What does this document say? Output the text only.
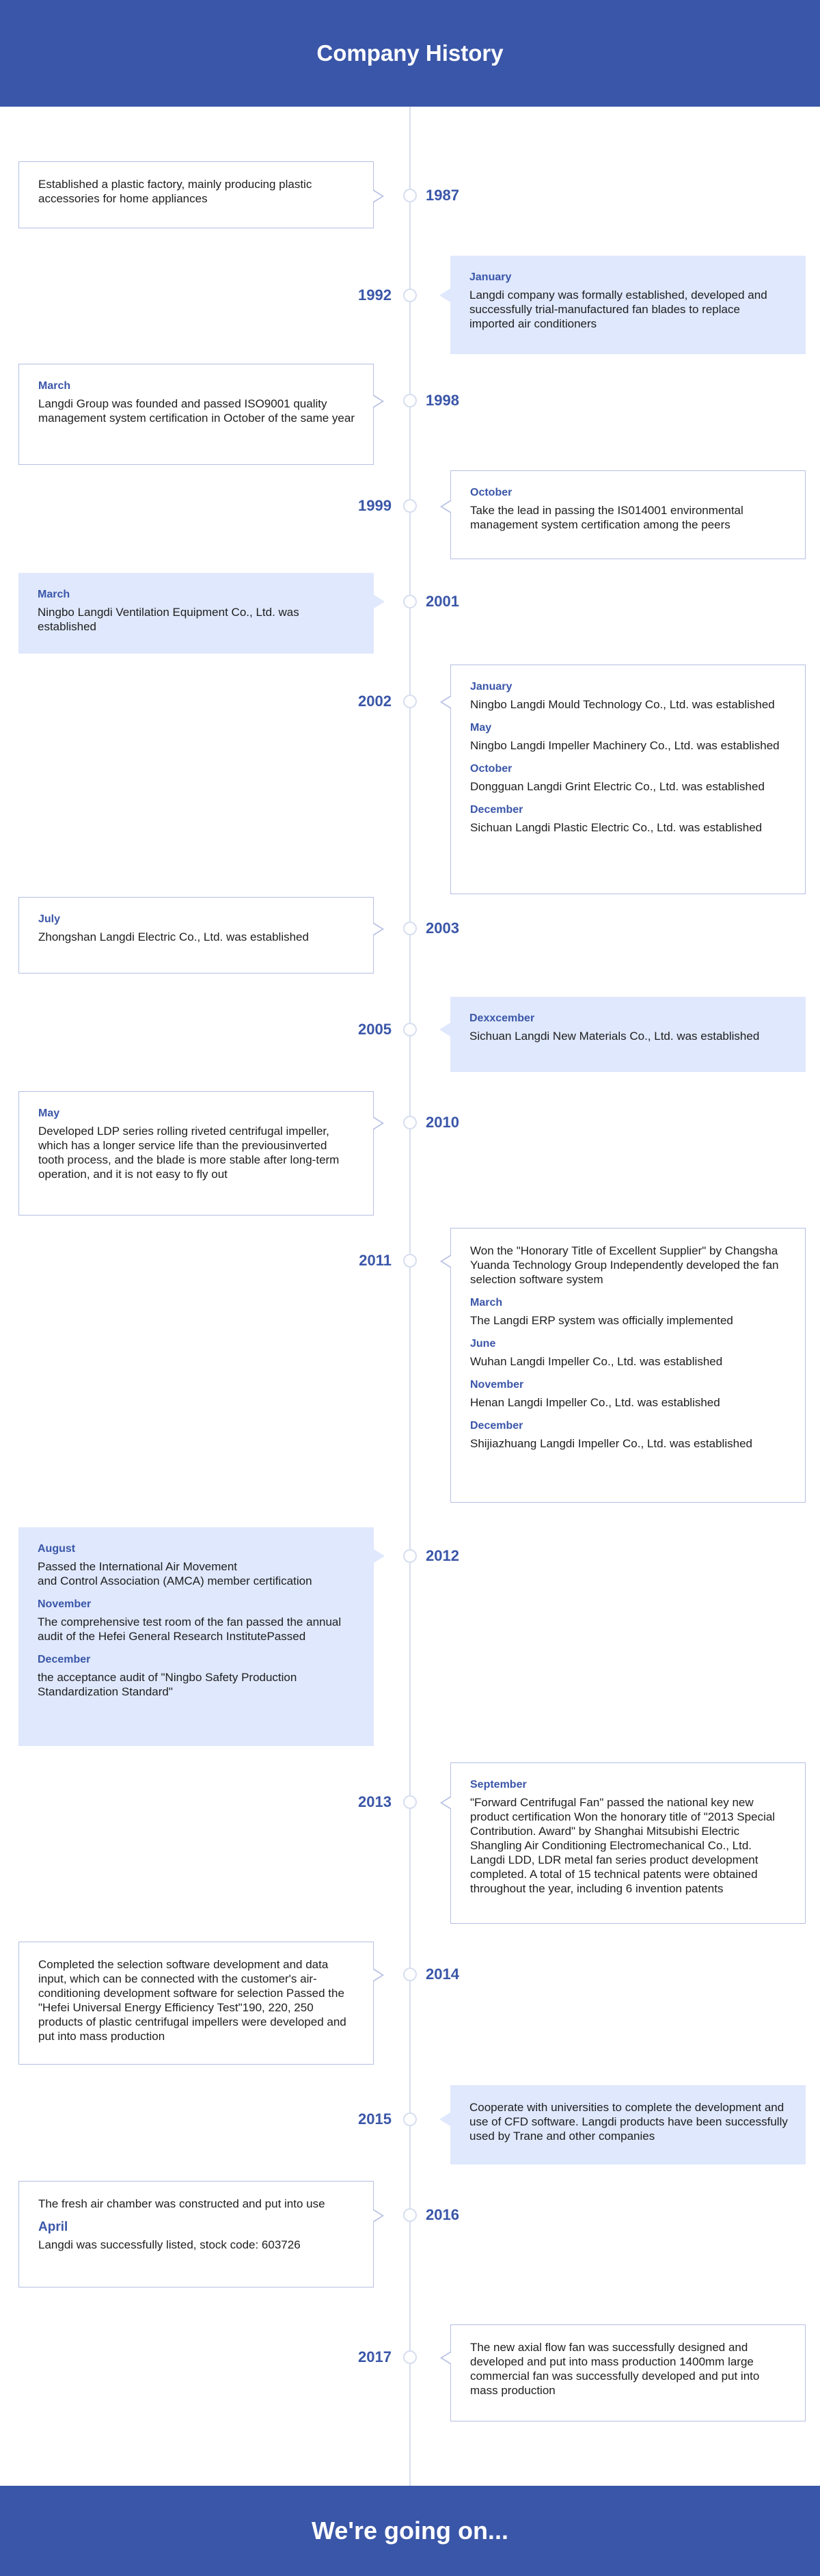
Company History
Established a plastic factory, mainly producing plastic accessories for home appliances	1987
January
Langdi company was formally established, developed and successfully trial-manufactured fan blades to replace imported air conditioners
1992
March
Langdi Group was founded and passed ISO9001 quality management system certification in October of the same year
1998
October
Take the lead in passing the IS014001 environmental management system certification among the peers
1999
March
Ningbo Langdi Ventilation Equipment Co., Ltd. was established
2001
January
Ningbo Langdi Mould Technology Co., Ltd. was established
May
Ningbo Langdi Impeller Machinery Co., Ltd. was established
October
Dongguan Langdi Grint Electric Co., Ltd. was established
December
Sichuan Langdi Plastic Electric Co., Ltd. was established
2002
July
Zhongshan Langdi Electric Co., Ltd. was established
2003
Dexxcember
Sichuan Langdi New Materials Co., Ltd. was established
2005
May
Developed LDP series rolling riveted centrifugal impeller, which has a longer service life than the previousinverted tooth process, and the blade is more stable after long-term operation, and it is not easy to fly out
2010
Won the "Honorary Title of Excellent Supplier" by Changsha Yuanda Technology Group Independently developed the fan selection software system
March
The Langdi ERP system was officially implemented
June
Wuhan Langdi Impeller Co., Ltd. was established
November
Henan Langdi Impeller Co., Ltd. was established
December
Shijiazhuang Langdi Impeller Co., Ltd. was established
2011
August
Passed the International Air Movement
and Control Association (AMCA) member certification
November
The comprehensive test room of the fan passed the annual audit of the Hefei General Research InstitutePassed
December
the acceptance audit of "Ningbo Safety Production Standardization Standard"
2012
September
"Forward Centrifugal Fan" passed the national key new product certification Won the honorary title of "2013 Special Contribution. Award" by Shanghai Mitsubishi Electric Shangling Air Conditioning Electromechanical Co., Ltd. Langdi LDD, LDR metal fan series product development completed. A total of 15 technical patents were obtained throughout the year, including 6 invention patents
2013
Completed the selection software development and data input, which can be connected with the customer's air-conditioning development software for selection Passed the "Hefei Universal Energy Efficiency Test"190, 220, 250 products of plastic centrifugal impellers were developed and put into mass production
2014
Cooperate with universities to complete the development and use of CFD software. Langdi products have been successfully used by Trane and other companies
2015
The fresh air chamber was constructed and put into use
April
Langdi was successfully listed, stock code: 603726
2016
The new axial flow fan was successfully designed and developed and put into mass production 1400mm large commercial fan was successfully developed and put into mass production
2017
We're going on...
